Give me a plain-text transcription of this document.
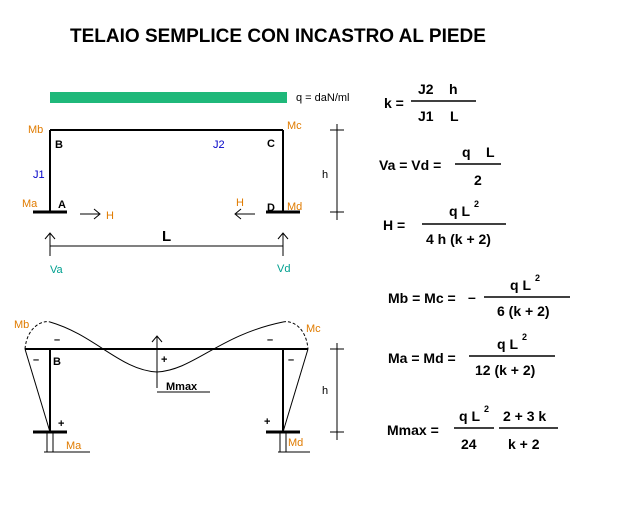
TELAIO SEMPLICE CON INCASTRO AL PIEDE
q = daN/ml
B	C
A	D
Mb	Mc
Ma	Md
J1
J2
H
H
L
Va	Vd
h
Mb	Mc
B
Mmax
+
–	–
–	–
+	+
Ma	Md
h
k =
J2 h
J1 L
Va = Vd =
q L
2
H =
q L 2
4 h (k + 2)
Mb = Mc = –
q L 2
6 (k + 2)
Ma = Md =
q L 2
12 (k + 2)
Mmax =
q L 2
24
2 + 3 k
k + 2
